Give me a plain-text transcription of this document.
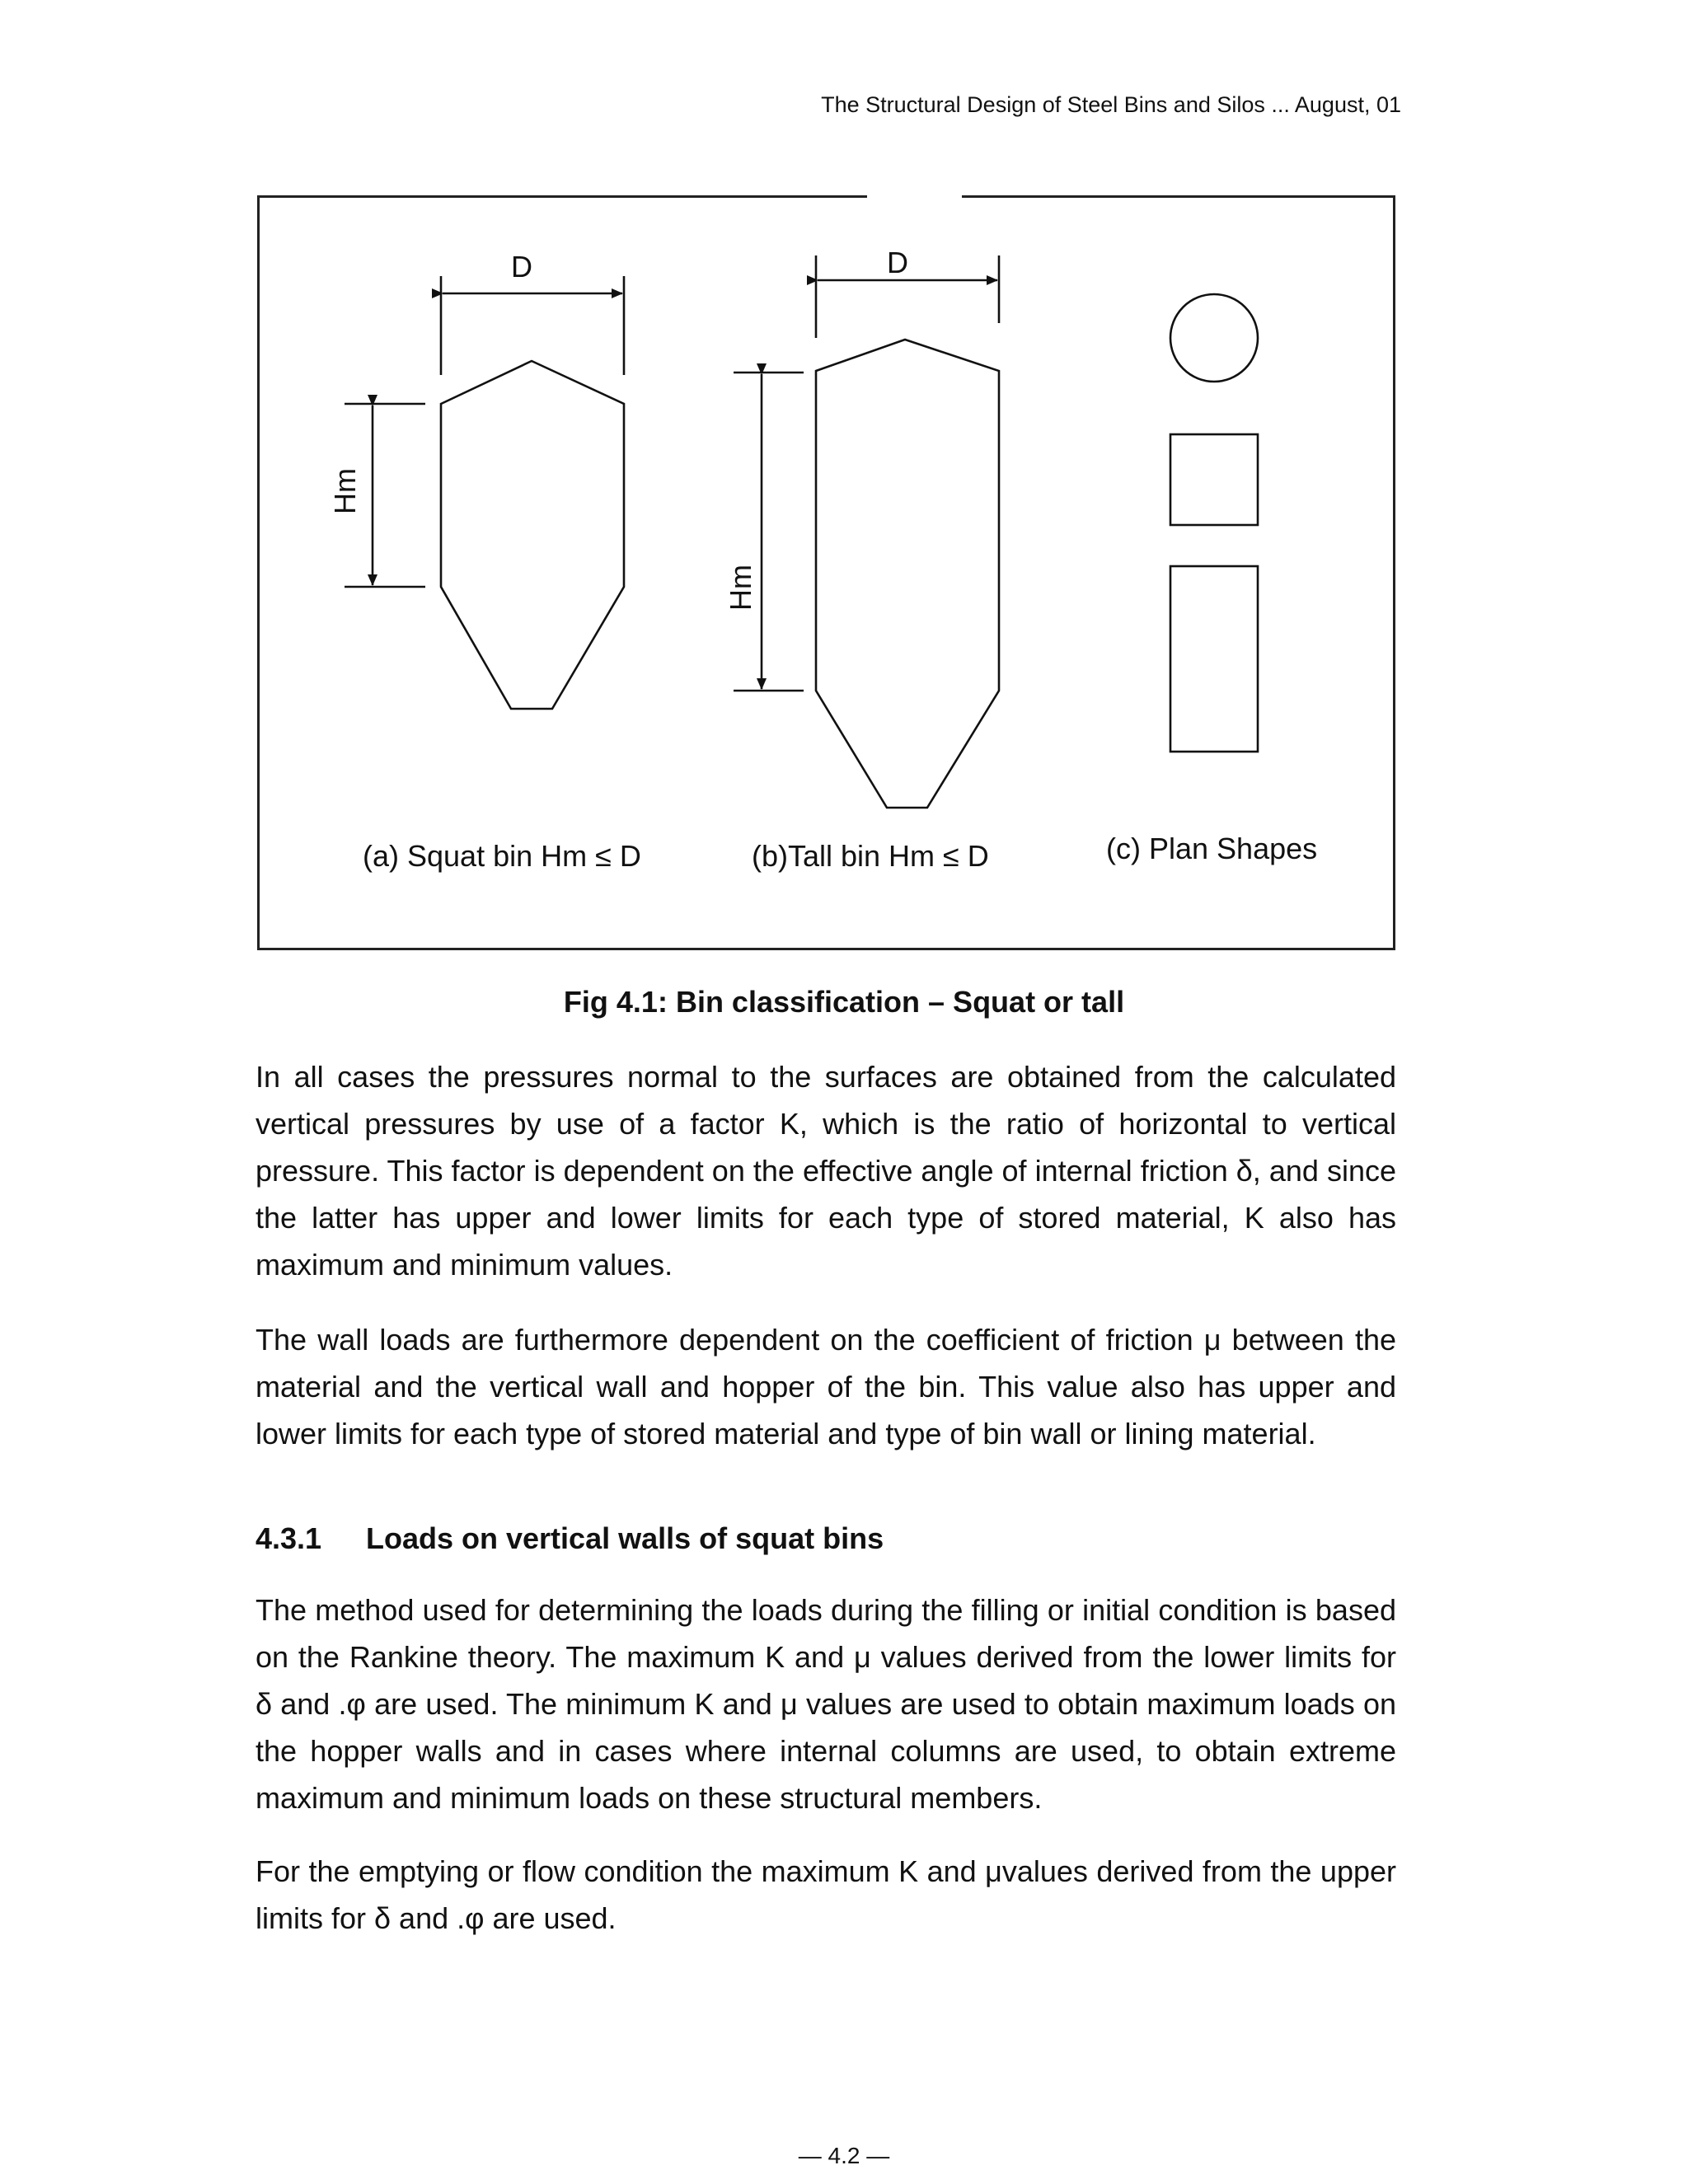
The Structural Design of Steel Bins and Silos ... August, 01
D	D
Hm
Hm
(a) Squat bin Hm ≤ D	(b)Tall bin Hm ≤ D	(c) Plan Shapes
Fig 4.1: Bin classification – Squat or tall
In all cases the pressures normal to the surfaces are obtained from the calculated vertical pressures by use of a factor K, which is the ratio of horizontal to vertical pressure. This factor is dependent on the effective angle of internal friction δ, and since the latter has upper and lower limits for each type of stored material, K also has maximum and minimum values.
The wall loads are furthermore dependent on the coefficient of friction μ between the material and the vertical wall and hopper of the bin. This value also has upper and lower limits for each type of stored material and type of bin wall or lining material.
4.3.1 Loads on vertical walls of squat bins
The method used for determining the loads during the filling or initial condition is based on the Rankine theory. The maximum K and μ values derived from the lower limits for δ and .φ are used. The minimum K and μ values are used to obtain maximum loads on the hopper walls and in cases where internal columns are used, to obtain extreme maximum and minimum loads on these structural members.
For the emptying or flow condition the maximum K and μvalues derived from the upper limits for δ and .φ are used.
— 4.2 —
